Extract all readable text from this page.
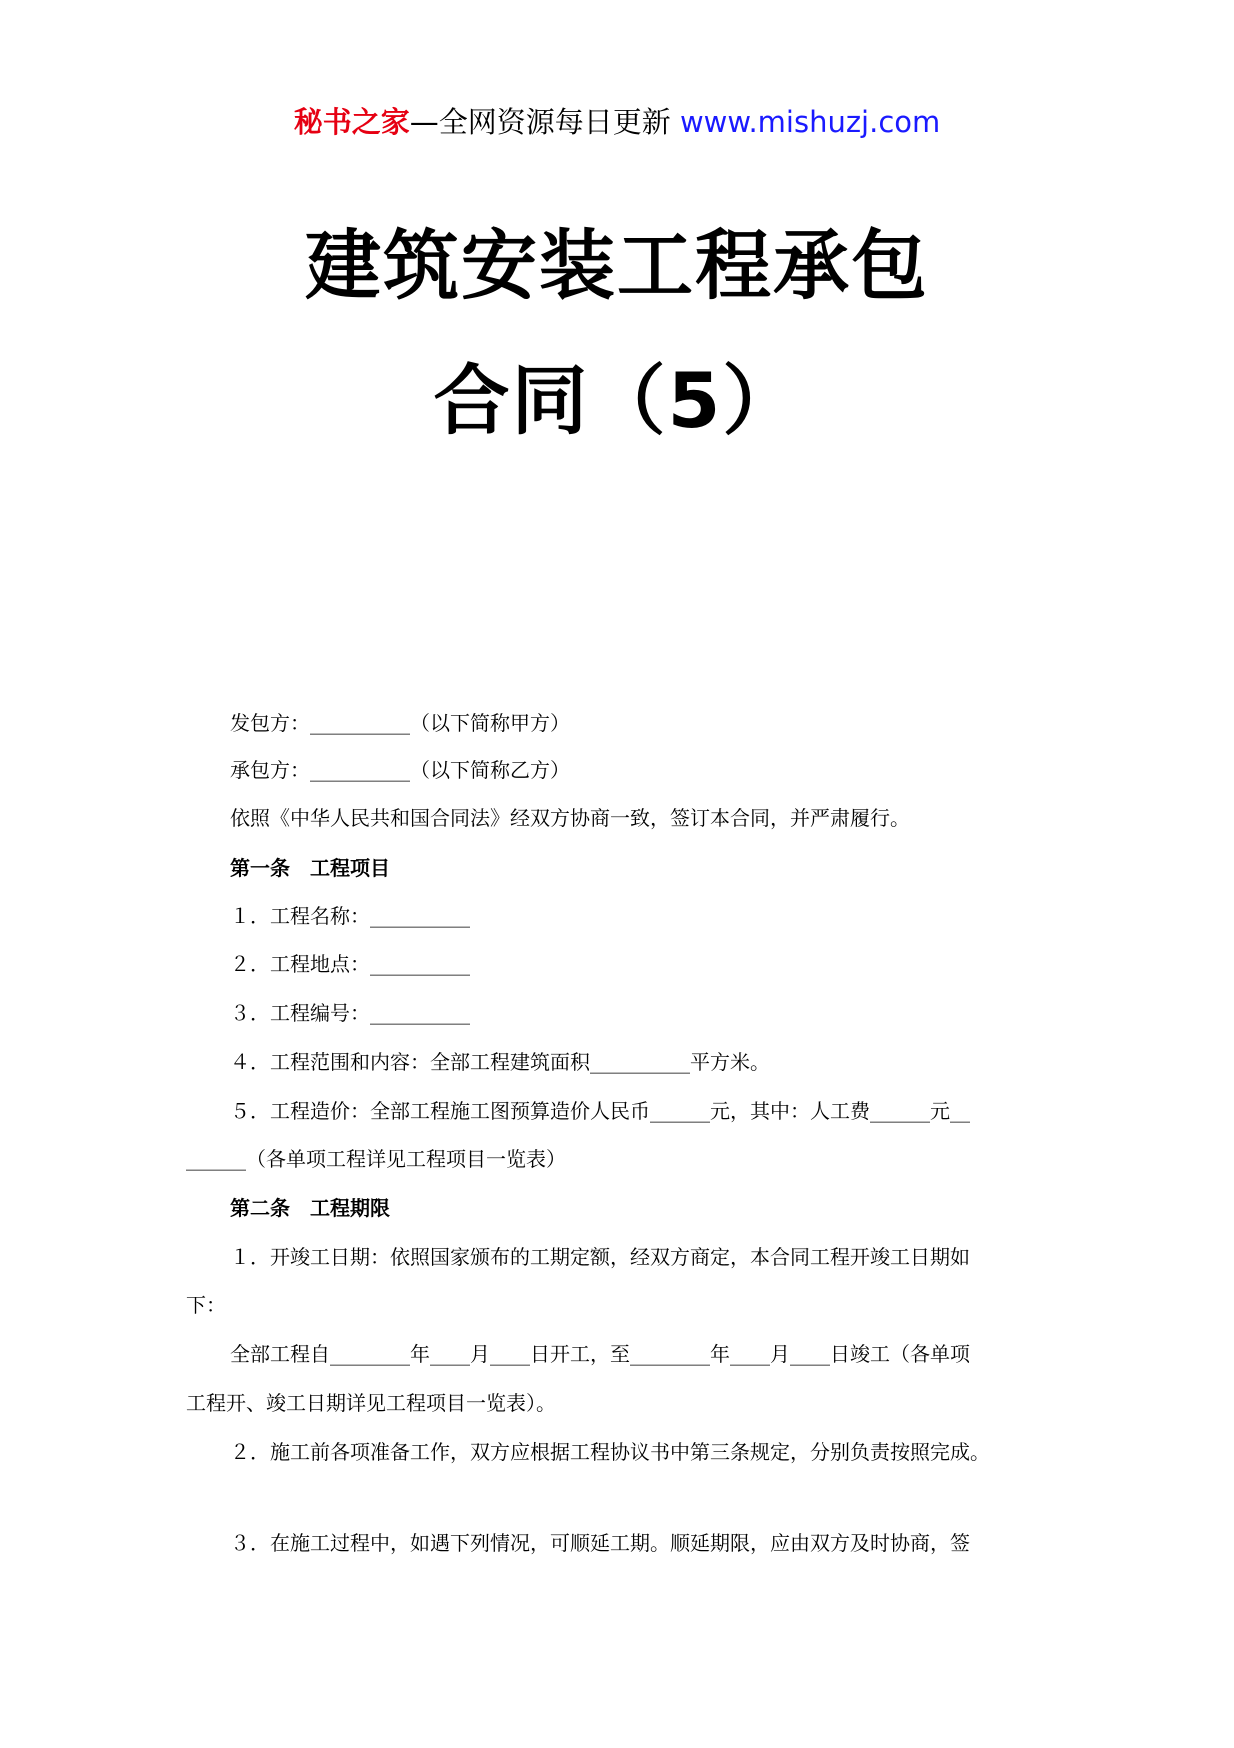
秘书之家—全网资源每日更新 www.mishuzj.com
建筑安装工程承包
合同（5）
发包方：__________（以下简称甲方）
承包方：__________（以下简称乙方）
依照《中华人民共和国合同法》经双方协商一致，签订本合同，并严肃履行。
第一条　工程项目
１．工程名称：__________
２．工程地点：__________
３．工程编号：__________
４．工程范围和内容：全部工程建筑面积__________平方米。
５．工程造价：全部工程施工图预算造价人民币______元，其中：人工费______元__
______（各单项工程详见工程项目一览表）
第二条　工程期限
１．开竣工日期：依照国家颁布的工期定额，经双方商定，本合同工程开竣工日期如
下：
全部工程自________年____月____日开工，至________年____月____日竣工（各单项
工程开、竣工日期详见工程项目一览表）。
２．施工前各项准备工作，双方应根据工程协议书中第三条规定，分别负责按照完成。
３．在施工过程中，如遇下列情况，可顺延工期。顺延期限，应由双方及时协商，签
